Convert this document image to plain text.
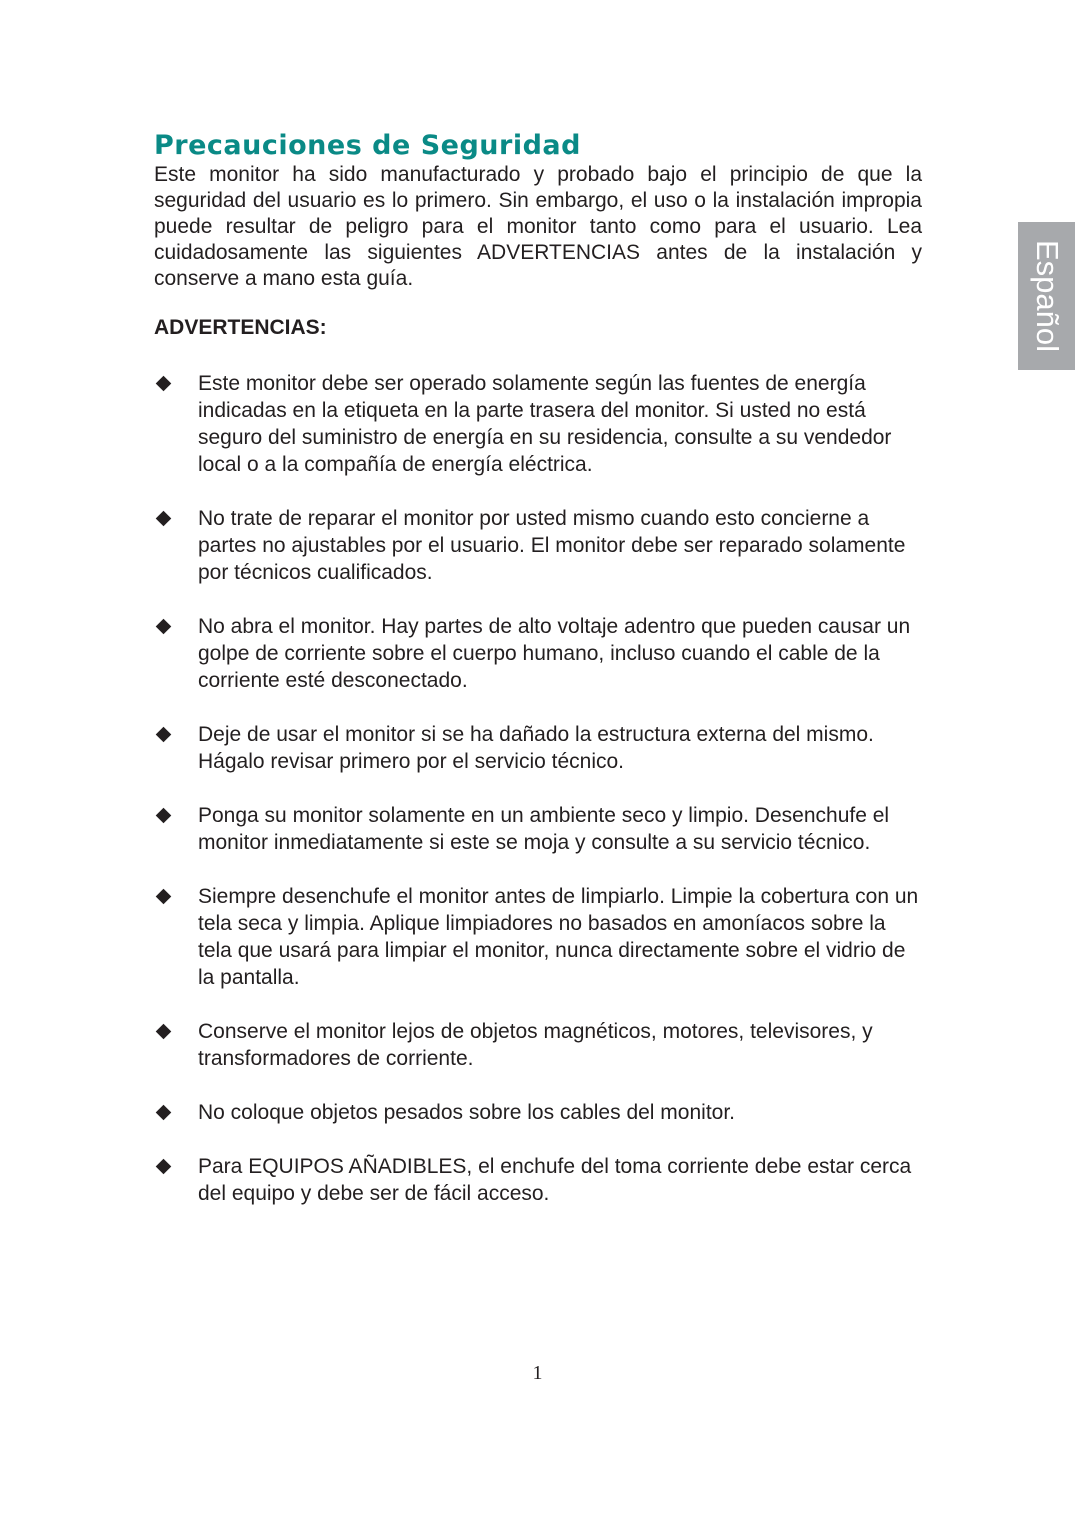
Precauciones de Seguridad

Este monitor ha sido manufacturado y probado bajo el principio de que la seguridad del usuario es lo primero. Sin embargo, el uso o la instalación impropia puede resultar de peligro para el monitor tanto como para el usuario. Lea cuidadosamente las siguientes ADVERTENCIAS antes de la instalación y conserve a mano esta guía.

ADVERTENCIAS:

Este monitor debe ser operado solamente según las fuentes de energía indicadas en la etiqueta en la parte trasera del monitor. Si usted no está seguro del suministro de energía en su residencia, consulte a su vendedor local o a la compañía de energía eléctrica.
No trate de reparar el monitor por usted mismo cuando esto concierne a partes no ajustables por el usuario. El monitor debe ser reparado solamente por técnicos cualificados.
No abra el monitor. Hay partes de alto voltaje adentro que pueden causar un golpe de corriente sobre el cuerpo humano, incluso cuando el cable de la corriente esté desconectado.
Deje de usar el monitor si se ha dañado la estructura externa del mismo. Hágalo revisar primero por el servicio técnico.
Ponga su monitor solamente en un ambiente seco y limpio. Desenchufe el monitor inmediatamente si este se moja y consulte a su servicio técnico.
Siempre desenchufe el monitor antes de limpiarlo. Limpie la cobertura con un tela seca y limpia. Aplique limpiadores no basados en amoníacos sobre la tela que usará para limpiar el monitor, nunca directamente sobre el vidrio de la pantalla.
Conserve el monitor lejos de objetos magnéticos, motores, televisores, y transformadores de corriente.
No coloque objetos pesados sobre los cables del monitor.
Para EQUIPOS AÑADIBLES, el enchufe del toma corriente debe estar cerca del equipo y debe ser de fácil acceso.
1
Español
